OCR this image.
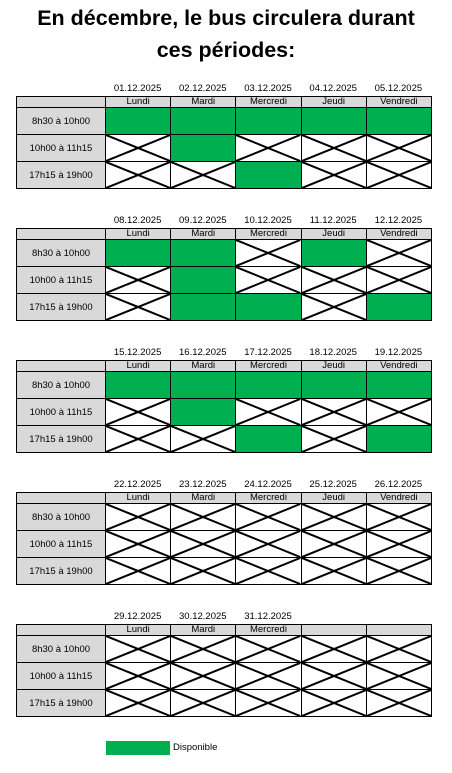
En décembre, le bus circulera durant
ces périodes:
01.12.2025	02.12.2025	03.12.2025	04.12.2025	05.12.2025
	Lundi	Mardi	Mercredi	Jeudi	Vendredi
8h30 à 10h00					
10h00 à 11h15	

17h15 à 19h00	

08.12.2025	09.12.2025	10.12.2025	11.12.2025	12.12.2025
	Lundi	Mardi	Mercredi	Jeudi	Vendredi
8h30 à 10h00			

10h00 à 11h15	

17h15 à 19h00	

15.12.2025	16.12.2025	17.12.2025	18.12.2025	19.12.2025
	Lundi	Mardi	Mercredi	Jeudi	Vendredi
8h30 à 10h00					
10h00 à 11h15	

17h15 à 19h00	

22.12.2025	23.12.2025	24.12.2025	25.12.2025	26.12.2025
	Lundi	Mardi	Mercredi	Jeudi	Vendredi
8h30 à 10h00	

10h00 à 11h15	

17h15 à 19h00	

29.12.2025	30.12.2025	31.12.2025
	Lundi	Mardi	Mercredi		
8h30 à 10h00	

10h00 à 11h15	

17h15 à 19h00	

Disponible
